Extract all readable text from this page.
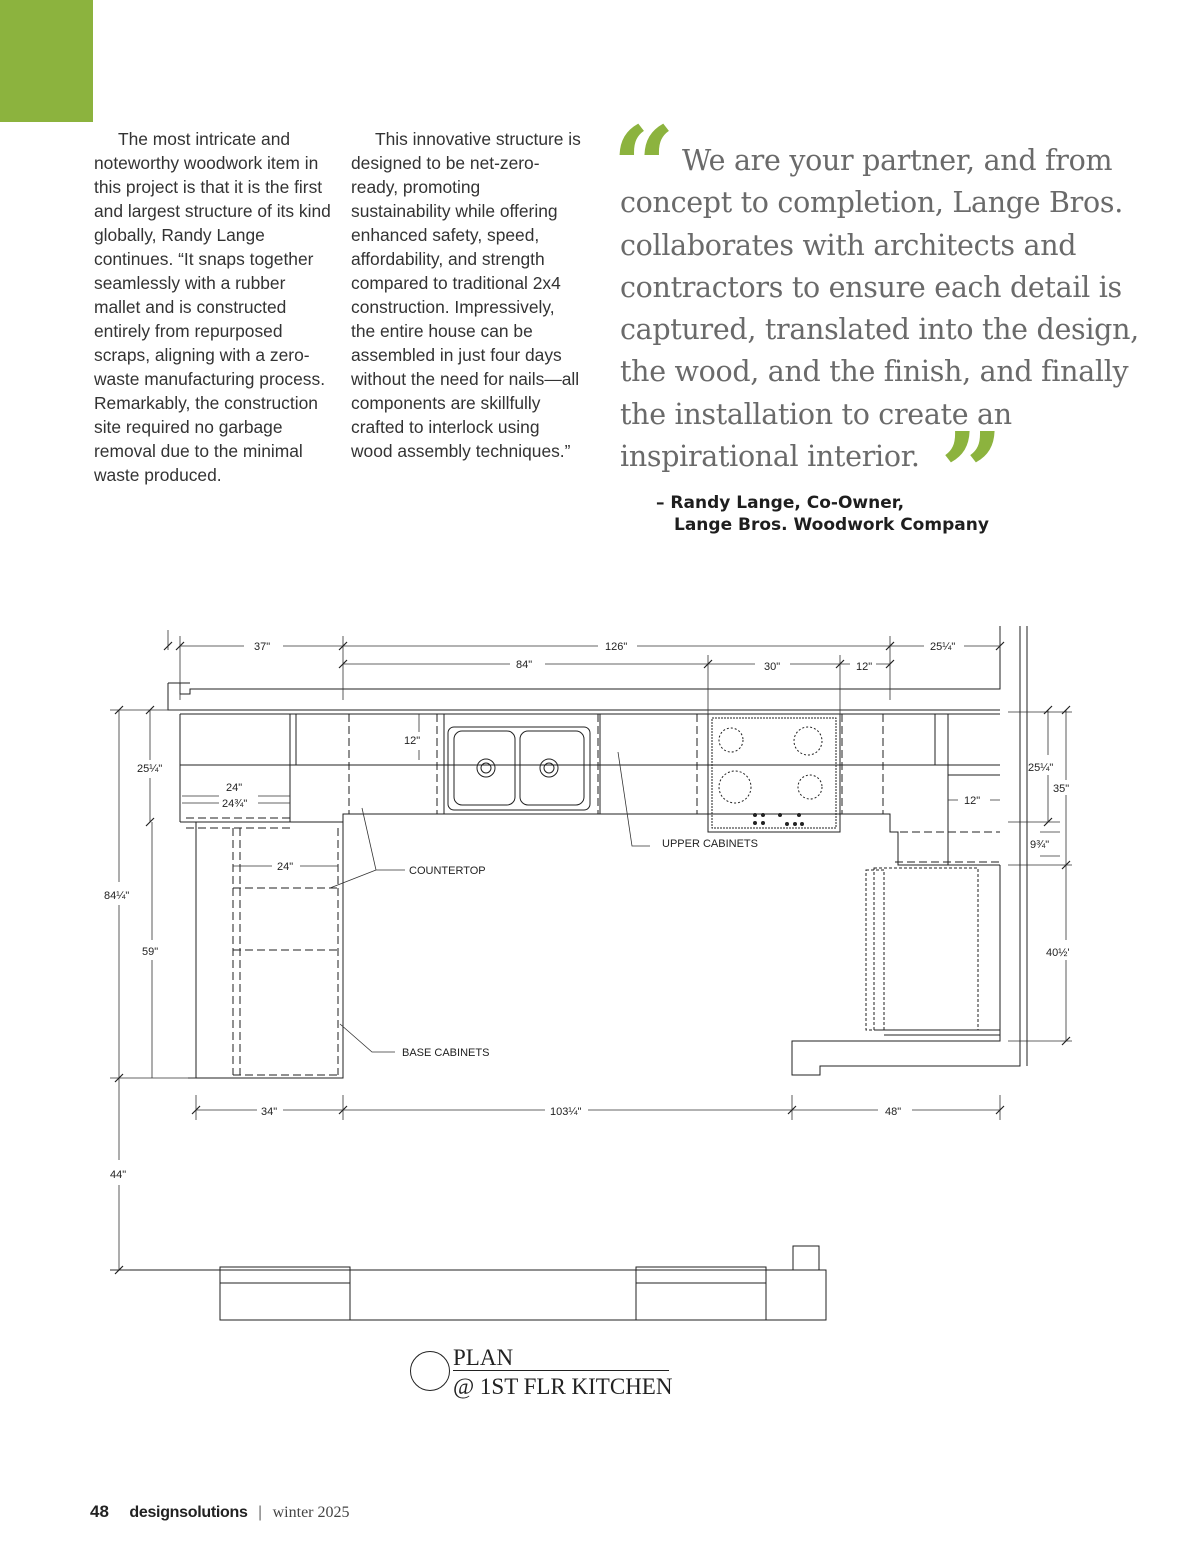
The most intricate and noteworthy woodwork item in this project is that it is the first and largest structure of its kind globally, Randy Lange continues. “It snaps together seamlessly with a rubber mallet and is constructed entirely from repurposed scraps, aligning with a zero-waste manufacturing process. Remarkably, the construction site required no garbage removal due to the minimal waste produced.

This innovative structure is designed to be net-zero-ready, promoting sustainability while offering enhanced safety, speed, affordability, and strength compared to traditional 2x4 construction. Impressively, the entire house can be assembled in just four days without the need for nails—all components are skillfully crafted to interlock using wood assembly techniques.”

“ We are your partner, and from concept to completion, Lange Bros. collaborates with architects and contractors to ensure each detail is captured, translated into the design, the wood, and the finish, and finally the installation to create an inspirational interior. ”
– Randy Lange, Co-Owner,
Lange Bros. Woodwork Company
37"	126"	25¼"
84"	30"	12"
12"
25¼"
24"
24¾"
24"
84¼"
59"
44"
34"	103¼"	48"
25¼"
35"
12"
9¾"
40½'
COUNTERTOP
UPPER CABINETS
BASE CABINETS
PLAN
@ 1ST FLR KITCHEN
48 designsolutions | winter 2025
